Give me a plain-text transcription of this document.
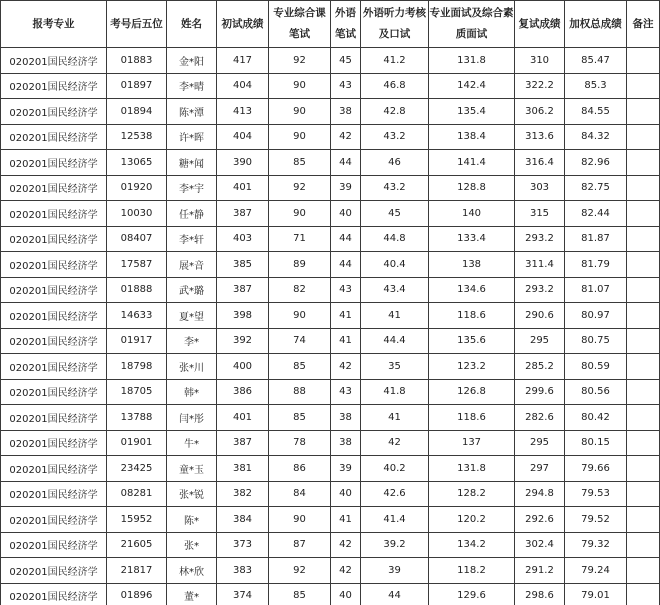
报考专业	考号后五位	姓名	初试成绩	专业综合课笔试	外语笔试	外语听力考核及口试	专业面试及综合素质面试	复试成绩	加权总成绩	备注
020201国民经济学	01883	金*阳	417	92	45	41.2	131.8	310	85.47	
020201国民经济学	01897	李*晴	404	90	43	46.8	142.4	322.2	85.3	
020201国民经济学	01894	陈*潭	413	90	38	42.8	135.4	306.2	84.55	
020201国民经济学	12538	许*晖	404	90	42	43.2	138.4	313.6	84.32	
020201国民经济学	13065	糖*闻	390	85	44	46	141.4	316.4	82.96	
020201国民经济学	01920	李*宇	401	92	39	43.2	128.8	303	82.75	
020201国民经济学	10030	任*静	387	90	40	45	140	315	82.44	
020201国民经济学	08407	李*轩	403	71	44	44.8	133.4	293.2	81.87	
020201国民经济学	17587	展*音	385	89	44	40.4	138	311.4	81.79	
020201国民经济学	01888	武*璐	387	82	43	43.4	134.6	293.2	81.07	
020201国民经济学	14633	夏*望	398	90	41	41	118.6	290.6	80.97	
020201国民经济学	01917	李*	392	74	41	44.4	135.6	295	80.75	
020201国民经济学	18798	张*川	400	85	42	35	123.2	285.2	80.59	
020201国民经济学	18705	韩*	386	88	43	41.8	126.8	299.6	80.56	
020201国民经济学	13788	闫*彤	401	85	38	41	118.6	282.6	80.42	
020201国民经济学	01901	牛*	387	78	38	42	137	295	80.15	
020201国民经济学	23425	童*玉	381	86	39	40.2	131.8	297	79.66	
020201国民经济学	08281	张*锐	382	84	40	42.6	128.2	294.8	79.53	
020201国民经济学	15952	陈*	384	90	41	41.4	120.2	292.6	79.52	
020201国民经济学	21605	张*	373	87	42	39.2	134.2	302.4	79.32	
020201国民经济学	21817	林*欣	383	92	42	39	118.2	291.2	79.24	
020201国民经济学	01896	董*	374	85	40	44	129.6	298.6	79.01	
